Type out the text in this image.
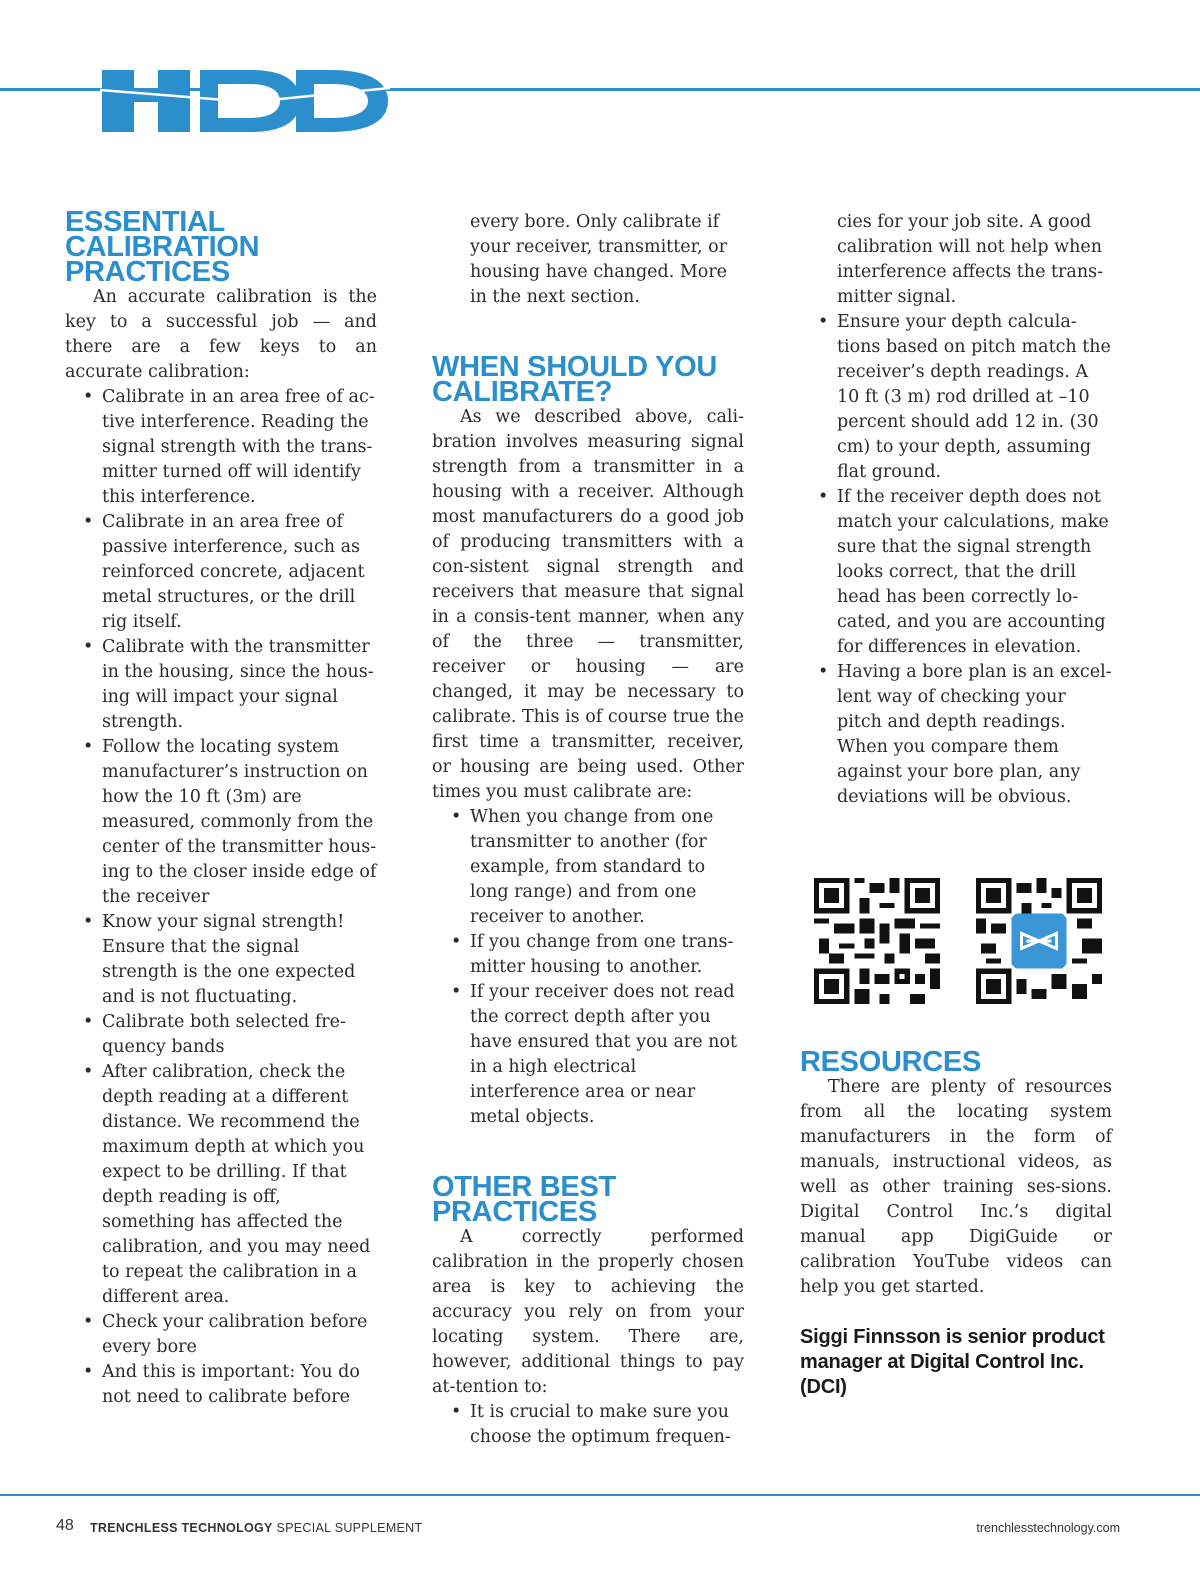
ESSENTIAL
CALIBRATION
PRACTICES

An accurate calibration is the key to a successful job — and there are a few keys to an accurate calibration:

• Calibrate in an area free of ac-tive interference. Reading the signal strength with the trans-mitter turned off will identify this interference.
• Calibrate in an area free of passive interference, such as reinforced concrete, adjacent metal structures, or the drill rig itself.
• Calibrate with the transmitter in the housing, since the hous-ing will impact your signal strength.
• Follow the locating system manufacturer’s instruction on how the 10 ft (3m) are measured, commonly from the center of the transmitter hous-ing to the closer inside edge of the receiver
• Know your signal strength! Ensure that the signal strength is the one expected and is not fluctuating.
• Calibrate both selected fre-quency bands
• After calibration, check the depth reading at a different distance. We recommend the maximum depth at which you expect to be drilling. If that depth reading is off, something has affected the calibration, and you may need to repeat the calibration in a different area.
• Check your calibration before every bore
• And this is important: You do not need to calibrate before

every bore. Only calibrate if your receiver, transmitter, or housing have changed. More in the next section.

WHEN SHOULD YOU
CALIBRATE?

As we described above, cali-bration involves measuring signal strength from a transmitter in a housing with a receiver. Although most manufacturers do a good job of producing transmitters with a con-sistent signal strength and receivers that measure that signal in a consis-tent manner, when any of the three — transmitter, receiver or housing — are changed, it may be necessary to calibrate. This is of course true the first time a transmitter, receiver, or housing are being used. Other times you must calibrate are:

• When you change from one transmitter to another (for example, from standard to long range) and from one receiver to another.
• If you change from one trans-mitter housing to another.
• If your receiver does not read the correct depth after you have ensured that you are not in a high electrical interference area or near metal objects.
OTHER BEST
PRACTICES

A correctly performed calibration in the properly chosen area is key to achieving the accuracy you rely on from your locating system. There are, however, additional things to pay at-tention to:

• It is crucial to make sure you choose the optimum frequen-

cies for your job site. A good calibration will not help when interference affects the trans-mitter signal.

• Ensure your depth calcula-tions based on pitch match the receiver’s depth readings. A 10 ft (3 m) rod drilled at –10 percent should add 12 in. (30 cm) to your depth, assuming flat ground.
• If the receiver depth does not match your calculations, make sure that the signal strength looks correct, that the drill head has been correctly lo-cated, and you are accounting for differences in elevation.
• Having a bore plan is an excel-lent way of checking your pitch and depth readings. When you compare them against your bore plan, any deviations will be obvious.
RESOURCES

There are plenty of resources from all the locating system manufacturers in the form of manuals, instructional videos, as well as other training ses-sions. Digital Control Inc.’s digital manual app DigiGuide or calibration YouTube videos can help you get started.

Siggi Finnsson is senior product manager at Digital Control Inc. (DCI)

48 TRENCHLESS TECHNOLOGY SPECIAL SUPPLEMENT	trenchlesstechnology.com
